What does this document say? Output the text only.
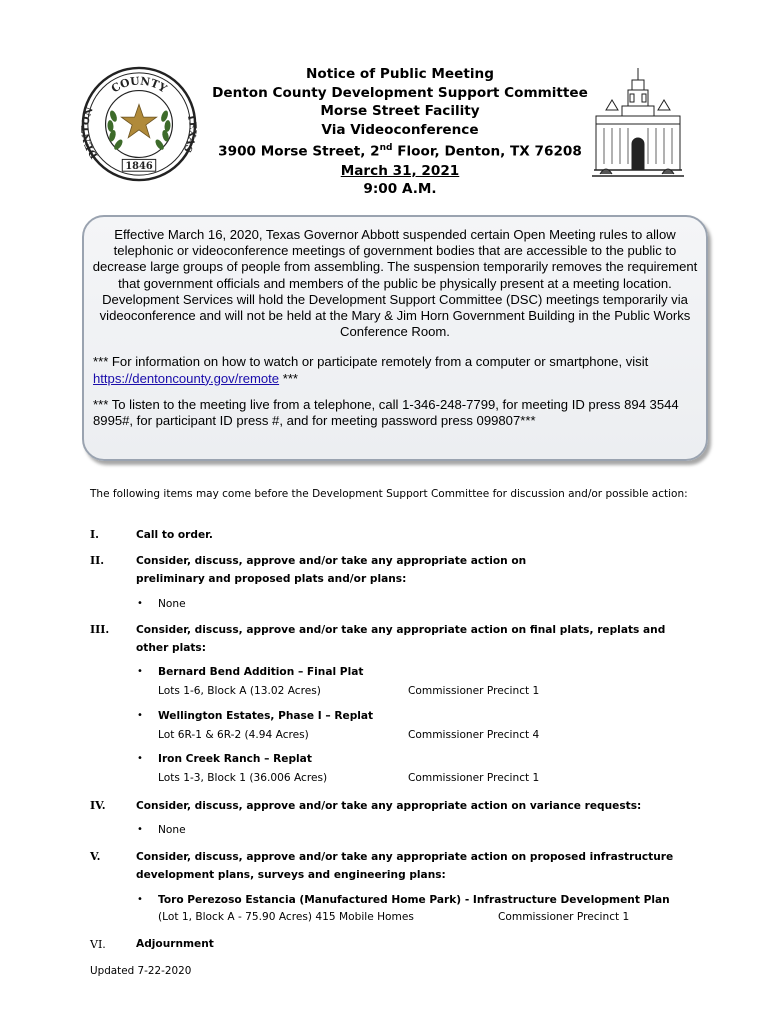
COUNTY
DENTON	TEXAS
1846
Notice of Public Meeting
Denton County Development Support Committee
Morse Street Facility
Via Videoconference
3900 Morse Street, 2nd Floor, Denton, TX 76208
March 31, 2021
9:00 A.M.

Effective March 16, 2020, Texas Governor Abbott suspended certain Open Meeting rules to allow telephonic or videoconference meetings of government bodies that are accessible to the public to decrease large groups of people from assembling. The suspension temporarily removes the requirement that government officials and members of the public be physically present at a meeting location. Development Services will hold the Development Support Committee (DSC) meetings temporarily via videoconference and will not be held at the Mary & Jim Horn Government Building in the Public Works Conference Room.

*** For information on how to watch or participate remotely from a computer or smartphone, visit https://dentoncounty.gov/remote ***

*** To listen to the meeting live from a telephone, call 1-346-248-7799, for meeting ID press 894 3544 8995#, for participant ID press #, and for meeting password press 099807***

The following items may come before the Development Support Committee for discussion and/or possible action:
I.	Call to order.
II.	Consider, discuss, approve and/or take any appropriate action on
preliminary and proposed plats and/or plans:
• None
III.	Consider, discuss, approve and/or take any appropriate action on final plats, replats and
other plats:
• Bernard Bend Addition – Final Plat
Lots 1-6, Block A (13.02 Acres)	Commissioner Precinct 1
• Wellington Estates, Phase I – Replat
Lot 6R-1 & 6R-2 (4.94 Acres)	Commissioner Precinct 4
• Iron Creek Ranch – Replat
Lots 1-3, Block 1 (36.006 Acres)	Commissioner Precinct 1
IV.	Consider, discuss, approve and/or take any appropriate action on variance requests:
• None
V.	Consider, discuss, approve and/or take any appropriate action on proposed infrastructure
development plans, surveys and engineering plans:
• Toro Perezoso Estancia (Manufactured Home Park) - Infrastructure Development Plan
(Lot 1, Block A - 75.90 Acres) 415 Mobile Homes	Commissioner Precinct 1
VI.	Adjournment
Updated 7-22-2020
